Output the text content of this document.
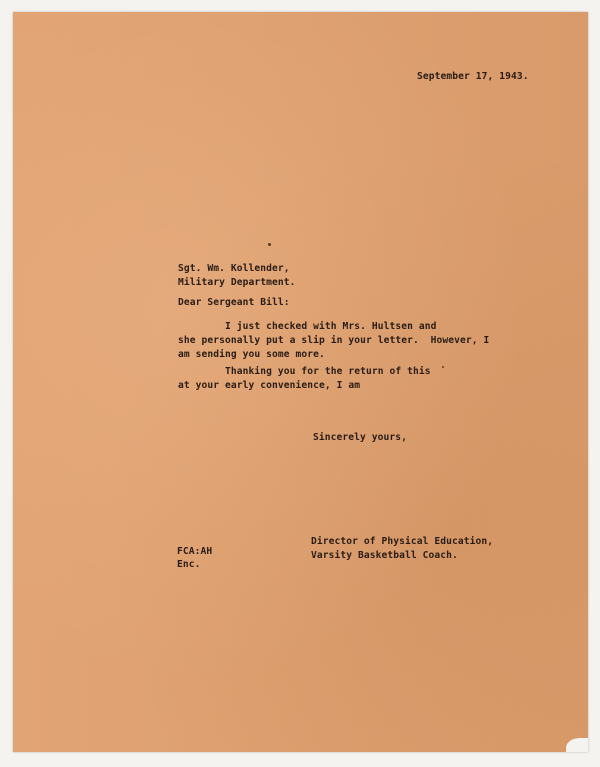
September 17, 1943.
Sgt. Wm. Kollender,
Military Department.
Dear Sergeant Bill:
I just checked with Mrs. Hultsen and
she personally put a slip in your letter.  However, I
am sending you some more.
Thanking you for the return of this
at your early convenience, I am
Sincerely yours,
Director of Physical Education,
Varsity Basketball Coach.
FCA:AH
Enc.
